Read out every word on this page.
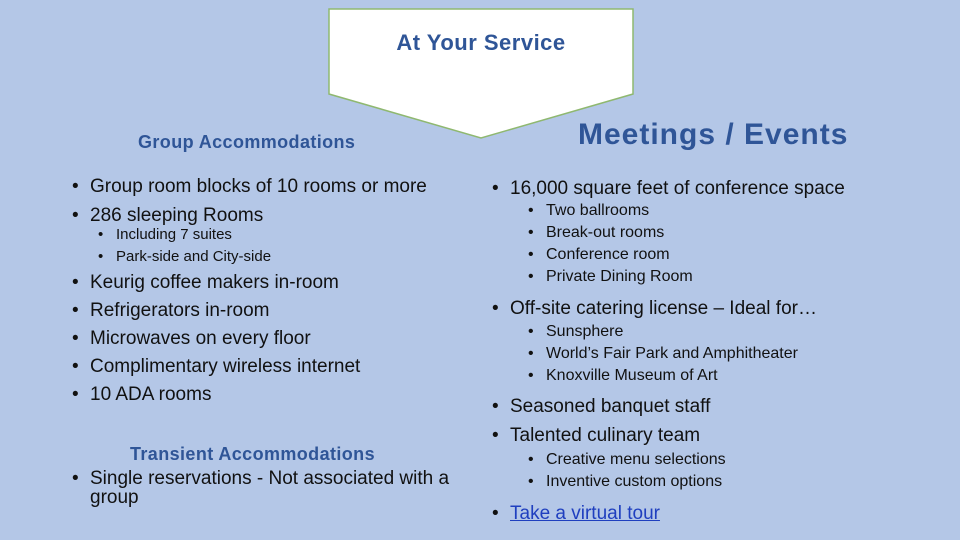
At Your Service
Group Accommodations	Meetings / Events
Transient Accommodations
• Group room blocks of 10 rooms or more
• 286 sleeping Rooms
• Including 7 suites
• Park-side and City-side
• Keurig coffee makers in-room
• Refrigerators in-room
• Microwaves on every floor
• Complimentary wireless internet
• 10 ADA rooms
• Single reservations - Not associated with a group
• 16,000 square feet of conference space
• Two ballrooms
• Break-out rooms
• Conference room
• Private Dining Room
• Off-site catering license – Ideal for…
• Sunsphere
• World’s Fair Park and Amphitheater
• Knoxville Museum of Art
• Seasoned banquet staff
• Talented culinary team
• Creative menu selections
• Inventive custom options
• Take a virtual tour
